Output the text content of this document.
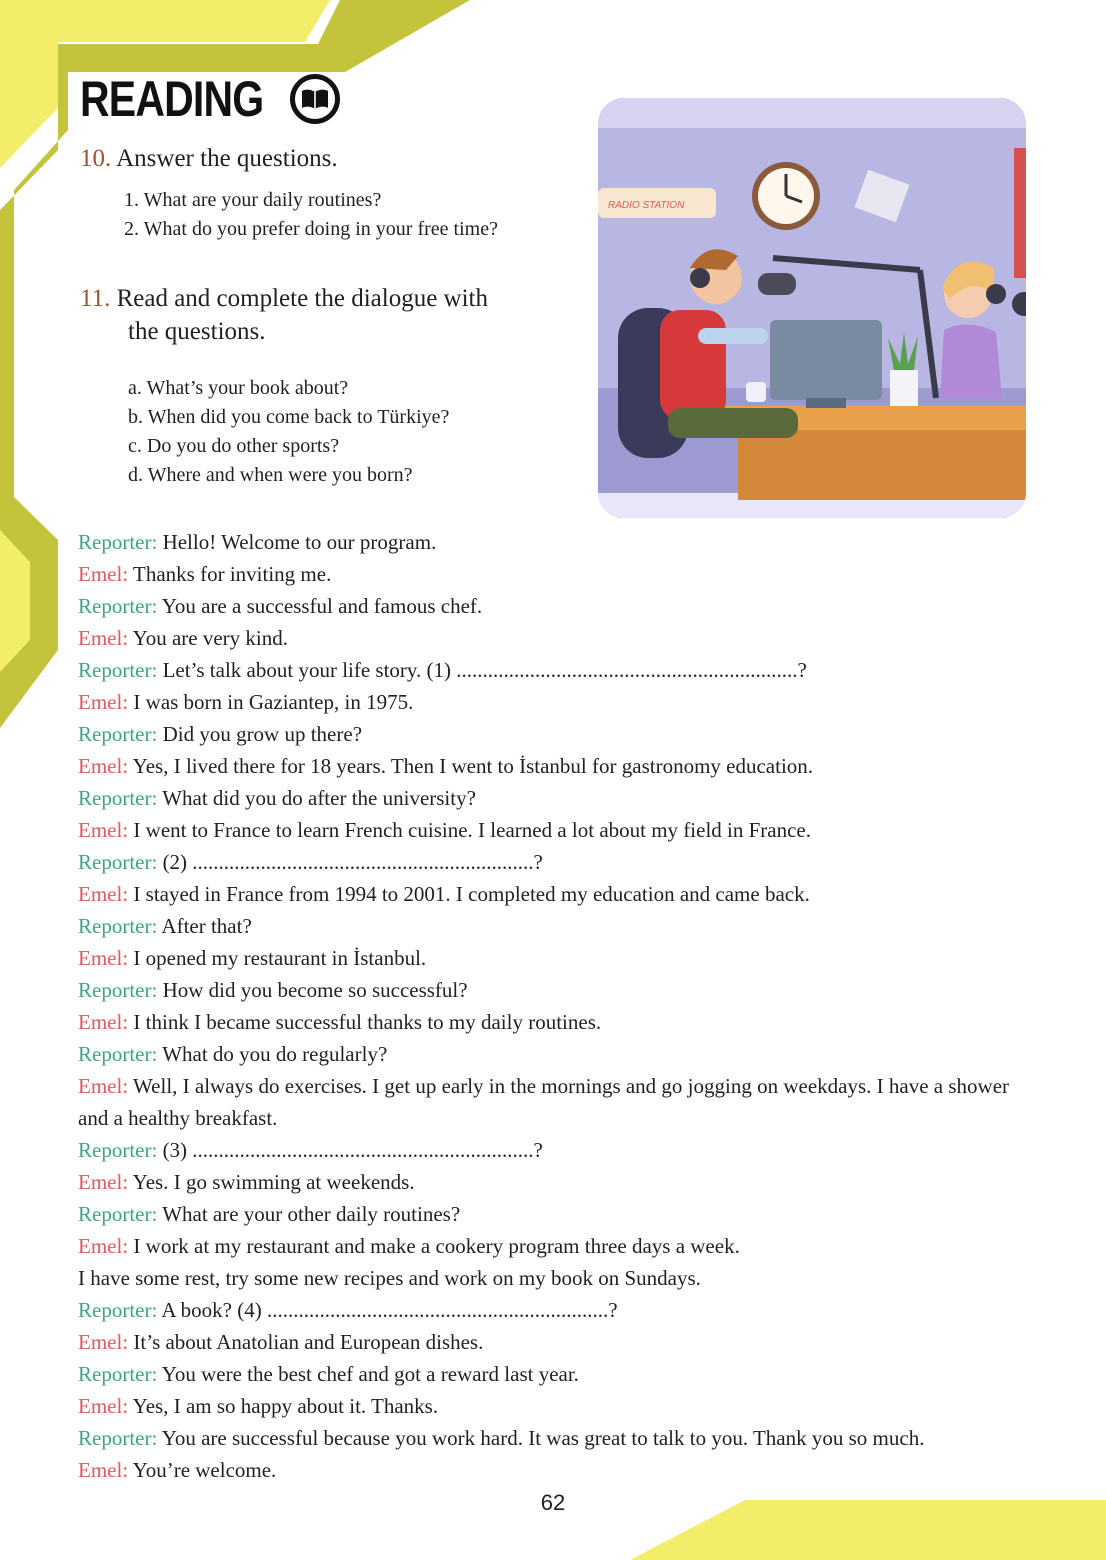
READING
10. Answer the questions.
1. What are your daily routines?
2. What do you prefer doing in your free time?
11. Read and complete the dialogue with
the questions.
a. What’s your book about?
b. When did you come back to Türkiye?
c. Do you do other sports?
d. Where and when were you born?
RADIO STATION
Reporter: Hello! Welcome to our program.
Emel: Thanks for inviting me.
Reporter: You are a successful and famous chef.
Emel: You are very kind.
Reporter: Let’s talk about your life story. (1) .................................................................?
Emel: I was born in Gaziantep, in 1975.
Reporter: Did you grow up there?
Emel: Yes, I lived there for 18 years. Then I went to İstanbul for gastronomy education.
Reporter: What did you do after the university?
Emel: I went to France to learn French cuisine. I learned a lot about my field in France.
Reporter: (2) .................................................................?
Emel: I stayed in France from 1994 to 2001. I completed my education and came back.
Reporter: After that?
Emel: I opened my restaurant in İstanbul.
Reporter: How did you become so successful?
Emel: I think I became successful thanks to my daily routines.
Reporter: What do you do regularly?
Emel: Well, I always do exercises. I get up early in the mornings and go jogging on weekdays. I have a shower and a healthy breakfast.
Reporter: (3) .................................................................?
Emel: Yes. I go swimming at weekends.
Reporter: What are your other daily routines?
Emel: I work at my restaurant and make a cookery program three days a week.
I have some rest, try some new recipes and work on my book on Sundays.
Reporter: A book? (4) .................................................................?
Emel: It’s about Anatolian and European dishes.
Reporter: You were the best chef and got a reward last year.
Emel: Yes, I am so happy about it. Thanks.
Reporter: You are successful because you work hard. It was great to talk to you. Thank you so much.
Emel: You’re welcome.
62
